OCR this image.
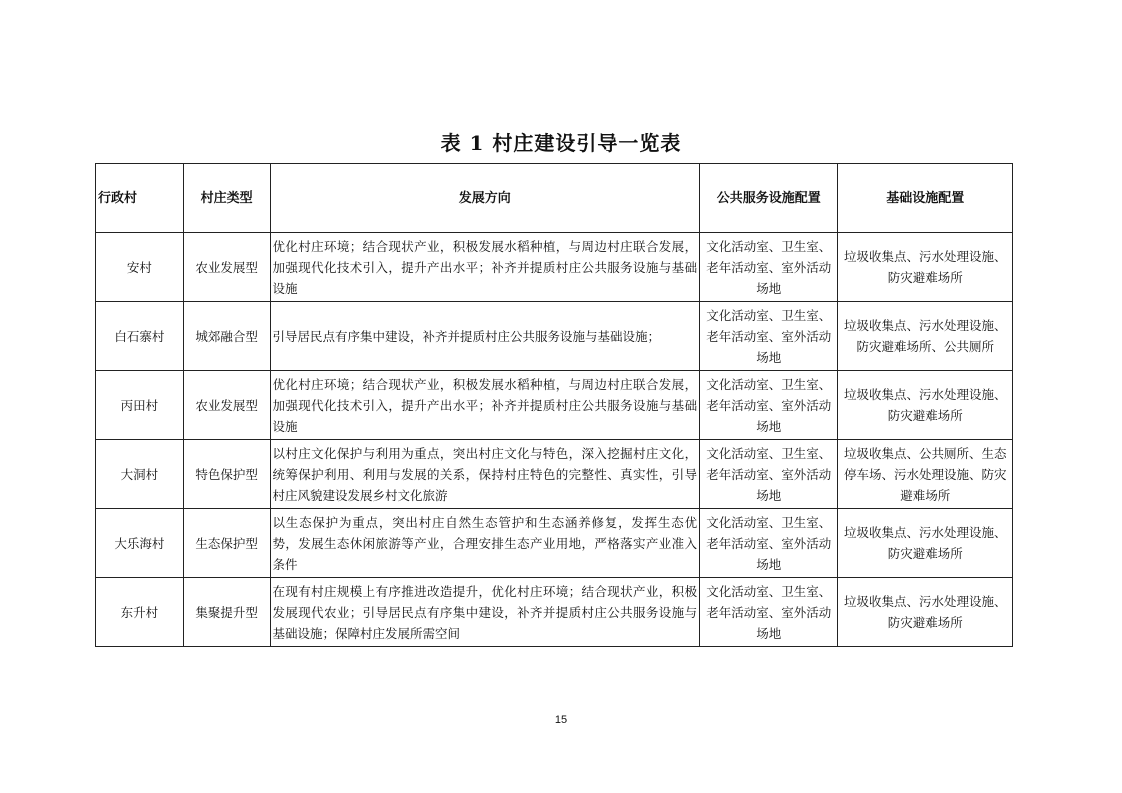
表 1 村庄建设引导一览表
行政村	村庄类型	发展方向	公共服务设施配置	基础设施配置
安村	农业发展型	优化村庄环境；结合现状产业，积极发展水稻种植，与周边村庄联合发展，加强现代化技术引入，提升产出水平；补齐并提质村庄公共服务设施与基础设施	文化活动室、卫生室、老年活动室、室外活动场地	垃圾收集点、污水处理设施、防灾避难场所
白石寨村	城郊融合型	引导居民点有序集中建设，补齐并提质村庄公共服务设施与基础设施；	文化活动室、卫生室、老年活动室、室外活动场地	垃圾收集点、污水处理设施、防灾避难场所、公共厕所
丙田村	农业发展型	优化村庄环境；结合现状产业，积极发展水稻种植，与周边村庄联合发展，加强现代化技术引入，提升产出水平；补齐并提质村庄公共服务设施与基础设施	文化活动室、卫生室、老年活动室、室外活动场地	垃圾收集点、污水处理设施、防灾避难场所
大洞村	特色保护型	以村庄文化保护与利用为重点，突出村庄文化与特色，深入挖掘村庄文化，统筹保护利用、利用与发展的关系，保持村庄特色的完整性、真实性，引导村庄风貌建设发展乡村文化旅游	文化活动室、卫生室、老年活动室、室外活动场地	垃圾收集点、公共厕所、生态停车场、污水处理设施、防灾避难场所
大乐海村	生态保护型	以生态保护为重点，突出村庄自然生态管护和生态涵养修复，发挥生态优势，发展生态休闲旅游等产业，合理安排生态产业用地，严格落实产业准入条件	文化活动室、卫生室、老年活动室、室外活动场地	垃圾收集点、污水处理设施、防灾避难场所
东升村	集聚提升型	在现有村庄规模上有序推进改造提升，优化村庄环境；结合现状产业，积极发展现代农业；引导居民点有序集中建设，补齐并提质村庄公共服务设施与基础设施；保障村庄发展所需空间	文化活动室、卫生室、老年活动室、室外活动场地	垃圾收集点、污水处理设施、防灾避难场所
15
